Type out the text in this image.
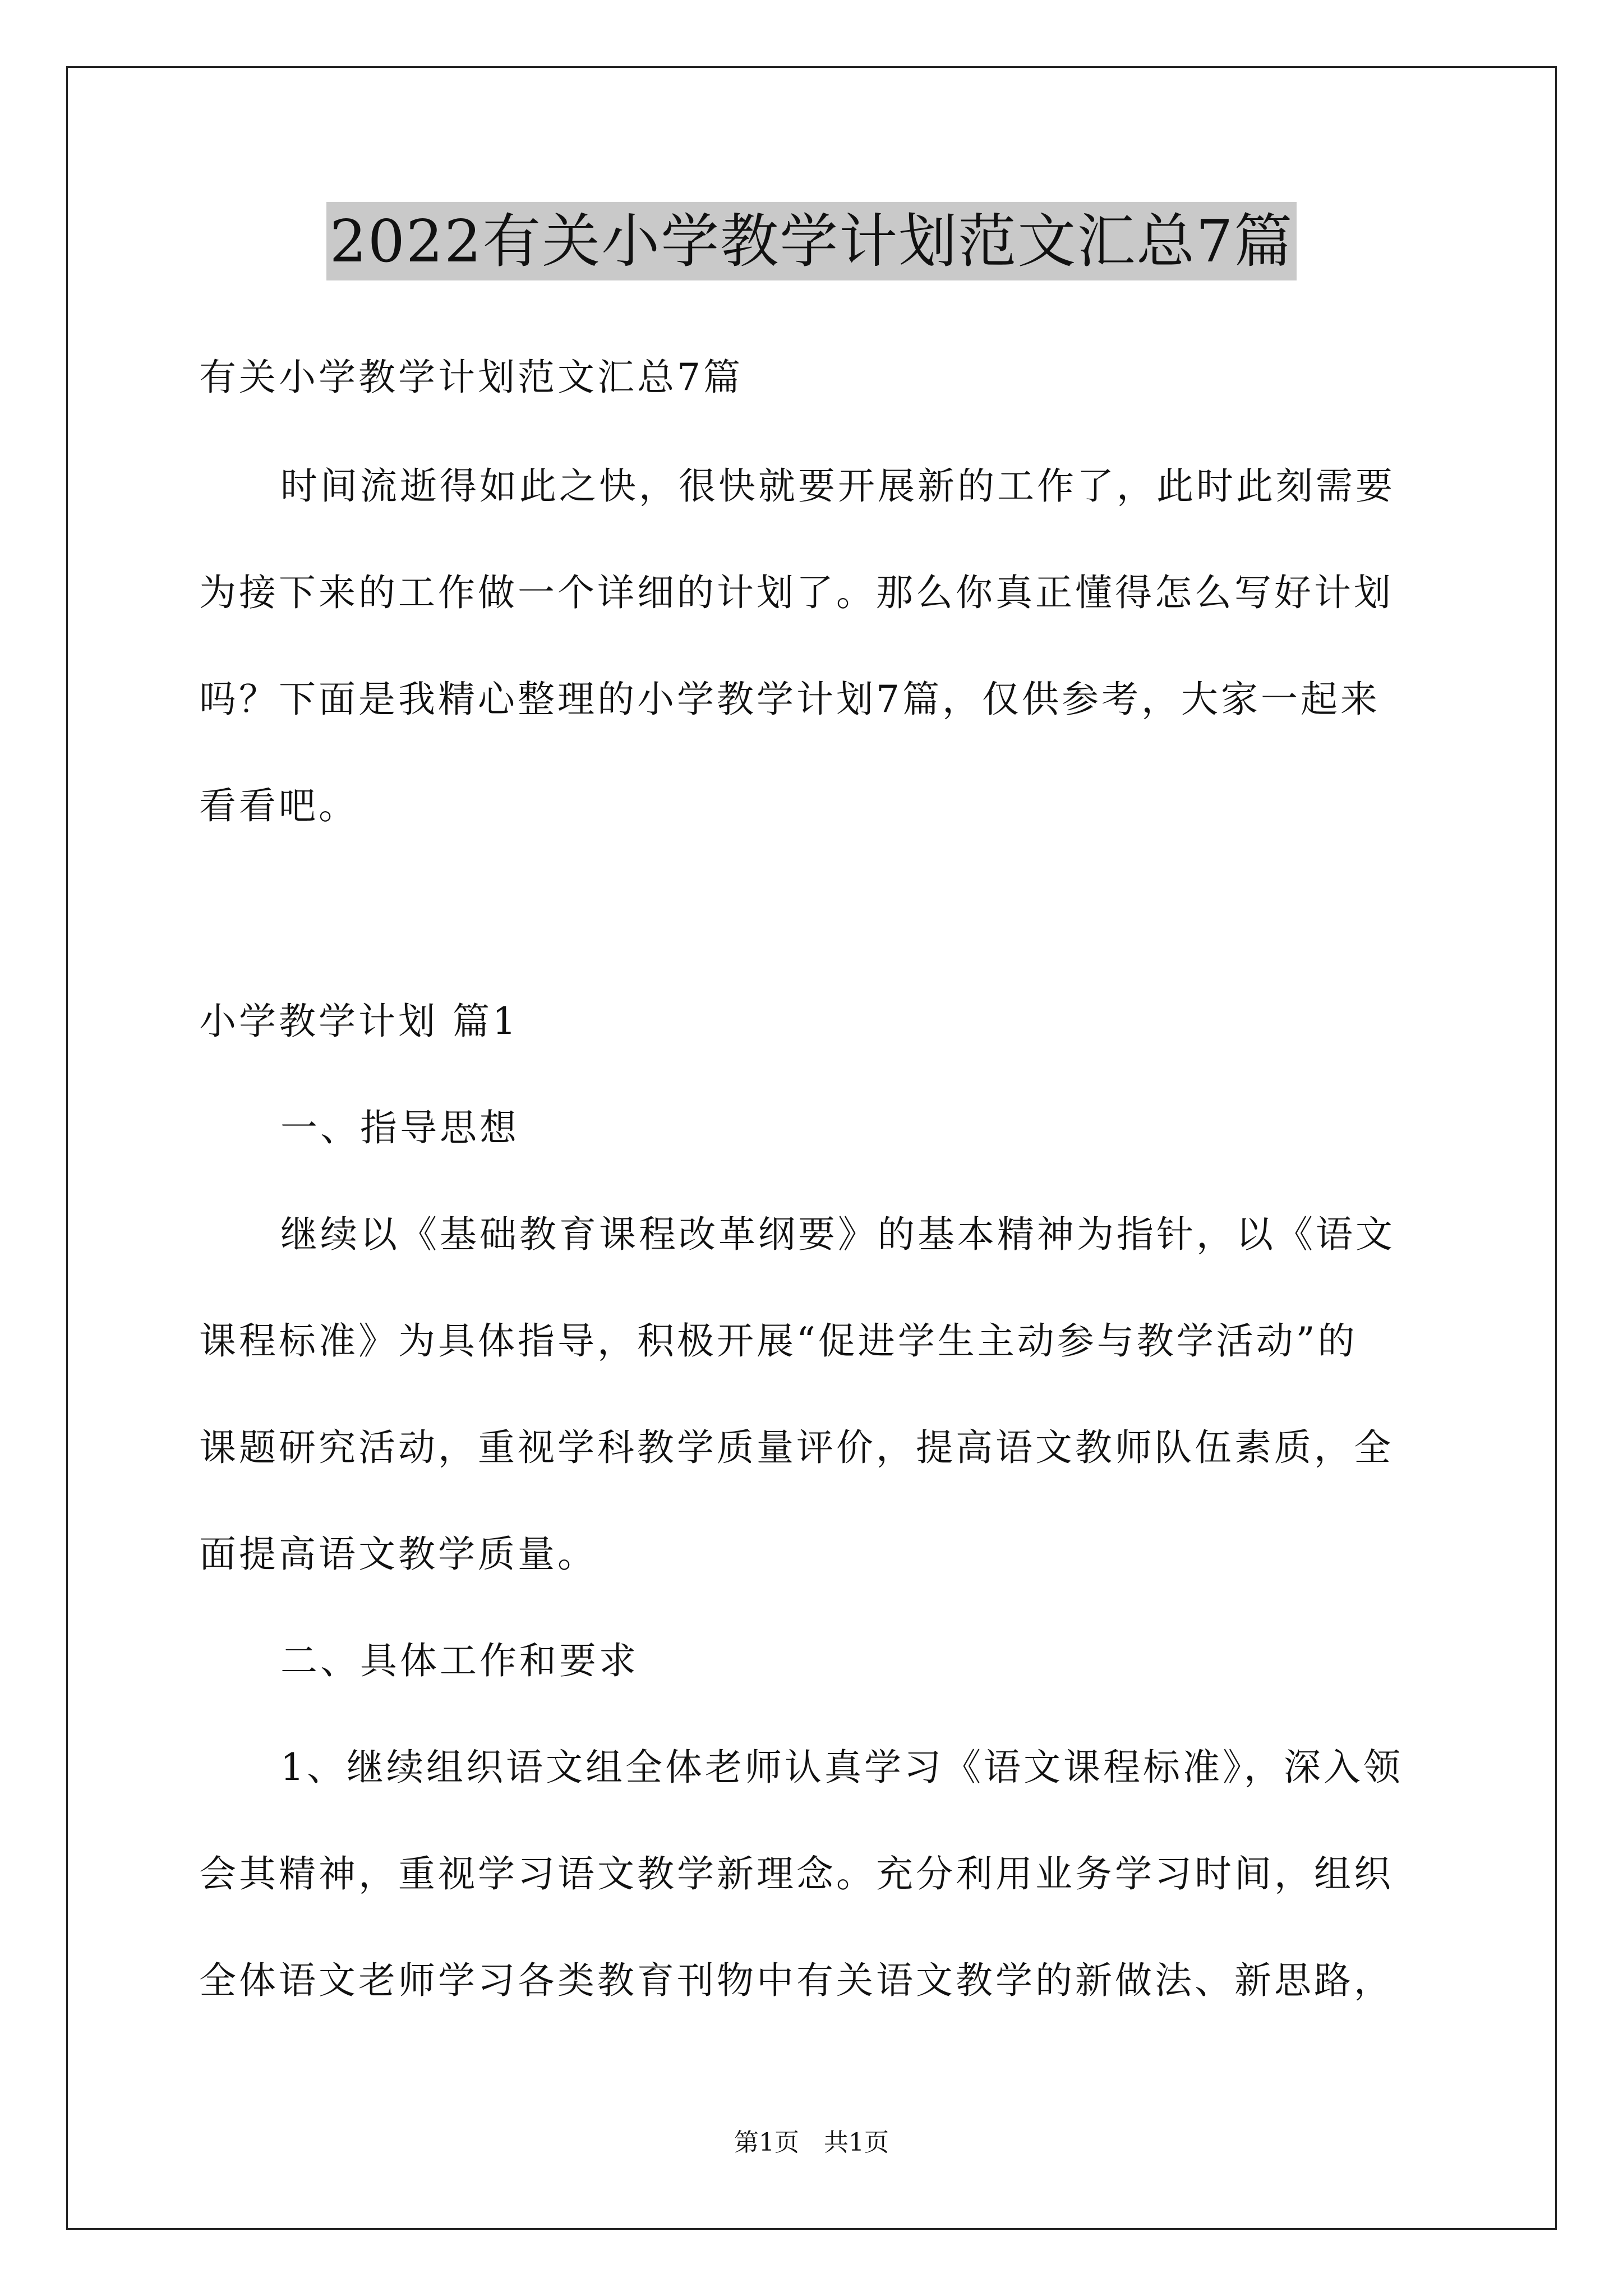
2022有关小学教学计划范文汇总7篇
有关小学教学计划范文汇总7篇
时间流逝得如此之快，很快就要开展新的工作了，此时此刻需要
为接下来的工作做一个详细的计划了。那么你真正懂得怎么写好计划
吗？下面是我精心整理的小学教学计划7篇，仅供参考，大家一起来
看看吧。
小学教学计划 篇1
一、指导思想
继续以《基础教育课程改革纲要》的基本精神为指针，以《语文
课程标准》为具体指导，积极开展“促进学生主动参与教学活动”的
课题研究活动，重视学科教学质量评价，提高语文教师队伍素质，全
面提高语文教学质量。
二、具体工作和要求
1、继续组织语文组全体老师认真学习《语文课程标准》，深入领
会其精神，重视学习语文教学新理念。充分利用业务学习时间，组织
全体语文老师学习各类教育刊物中有关语文教学的新做法、新思路，
第1页　共1页
